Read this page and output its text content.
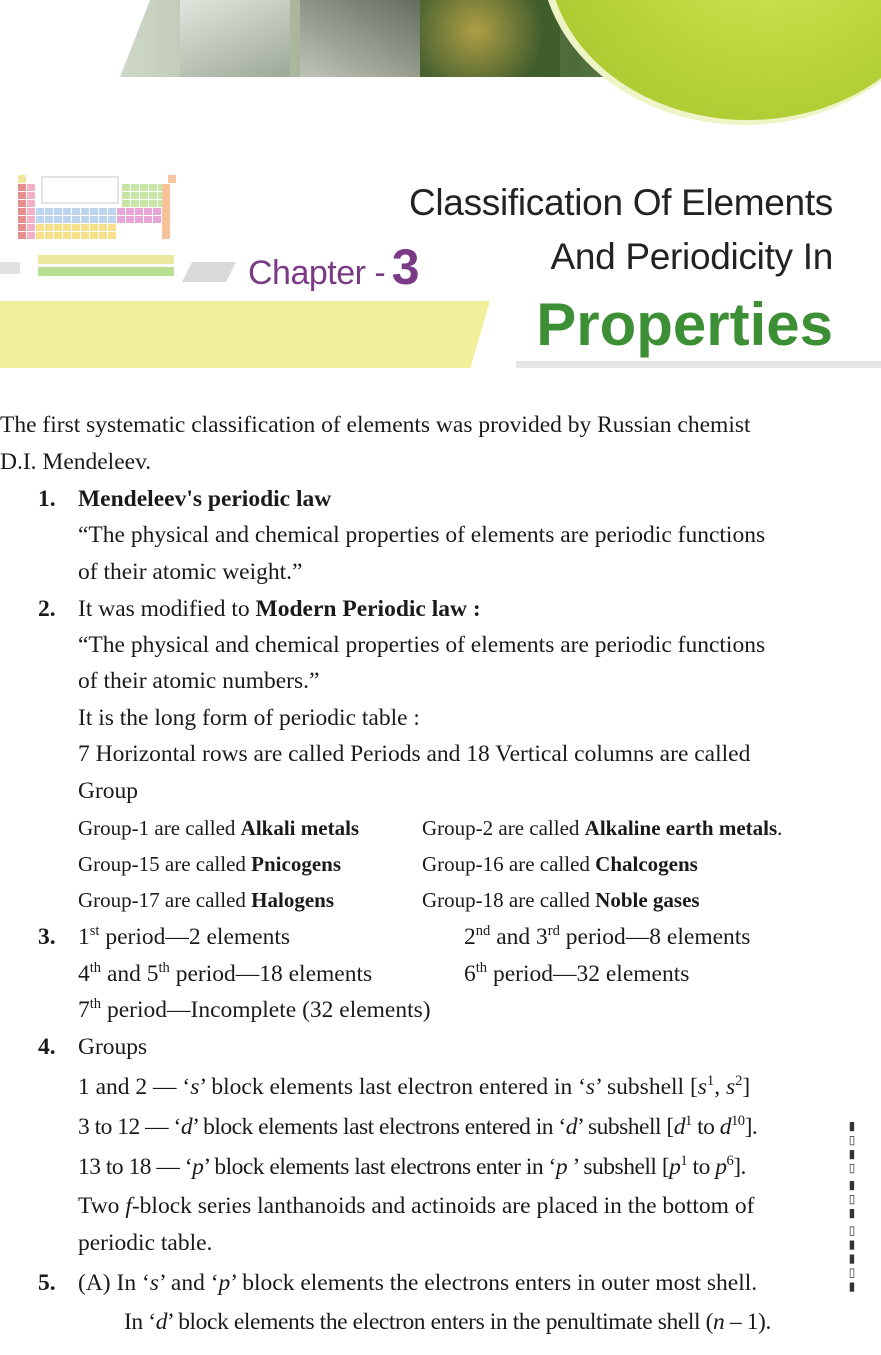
Chapter - 3
Classification Of Elements
And Periodicity In
Properties
The first systematic classification of elements was provided by Russian chemist
D.I. Mendeleev.
1. Mendeleev's periodic law
“The physical and chemical properties of elements are periodic functions
of their atomic weight.”
2. It was modified to Modern Periodic law :
“The physical and chemical properties of elements are periodic functions
of their atomic numbers.”
It is the long form of periodic table :
7 Horizontal rows are called Periods and 18 Vertical columns are called
Group
Group-1 are called Alkali metals	Group-2 are called Alkaline earth metals.
Group-15 are called Pnicogens	Group-16 are called Chalcogens
Group-17 are called Halogens	Group-18 are called Noble gases
3. 1st period—2 elements	2nd and 3rd period—8 elements
4th and 5th period—18 elements	6th period—32 elements
7th period—Incomplete (32 elements)
4. Groups
1 and 2 — ‘s’ block elements last electron entered in ‘s’ subshell [$s^1$, $s^2$]
3 to 12 — ‘d’ block elements last electrons entered in ‘d’ subshell [$d^1$ to $d^{10}$].
13 to 18 — ‘p’ block elements last electrons enter in ‘p ’ subshell [$p^1$ to $p^6$].
Two f-block series lanthanoids and actinoids are placed in the bottom of
periodic table.
5. (A) In ‘s’ and ‘p’ block elements the electrons enters in outer most shell.
In ‘d’ block elements the electron enters in the penultimate shell (n – 1).
▮▯▮▮▯ ▮▯▮ ▯▮▯▮
